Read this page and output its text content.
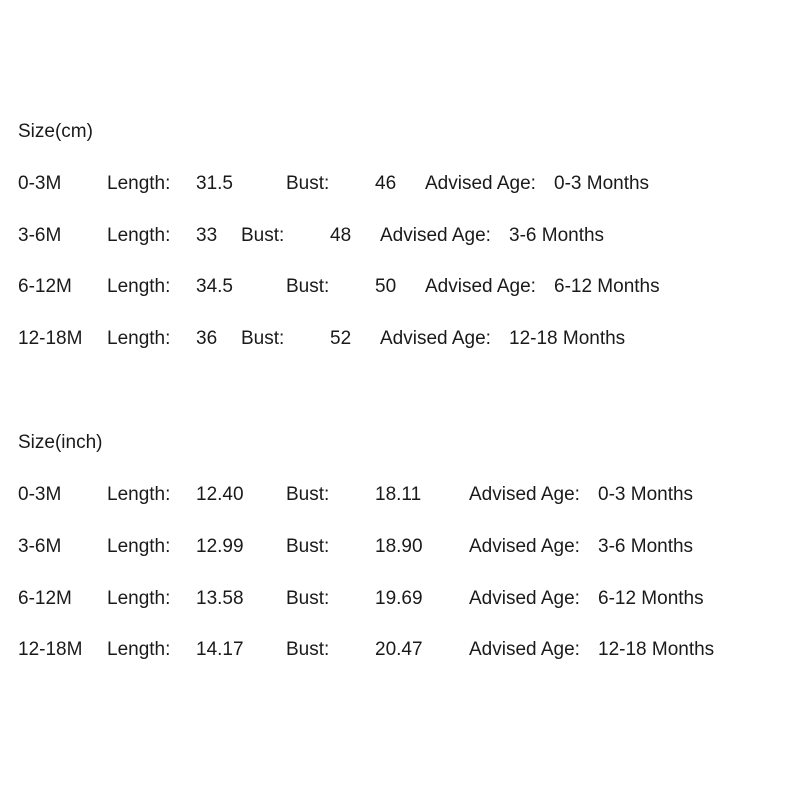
Size(cm)
0-3M Length: 31.5	Bust: 46 Advised Age: 0-3 Months
3-6M Length: 33 Bust: 48 Advised Age: 3-6 Months
6-12M Length: 34.5	Bust: 50 Advised Age: 6-12 Months
12-18M Length: 36 Bust: 52 Advised Age: 12-18 Months
Size(inch)
0-3M Length: 12.40 Bust: 18.11	Advised Age: 0-3 Months
3-6M Length: 12.99 Bust: 18.90 Advised Age: 3-6 Months
6-12M Length: 13.58 Bust: 19.69 Advised Age: 6-12 Months
12-18M Length: 14.17 Bust: 20.47 Advised Age: 12-18 Months
